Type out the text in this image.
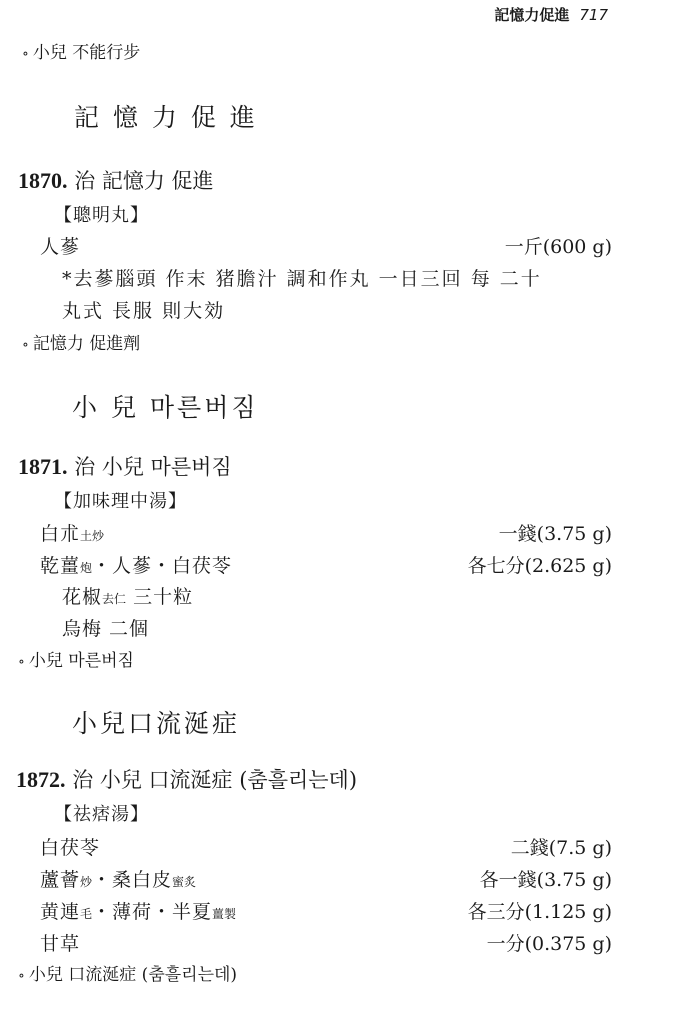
記憶力促進 717
∘ 小兒 不能行步
記 憶 力 促 進
1870. 治 記憶力 促進
【聰明丸】
人蔘	一斤(600 g)
*去蔘腦頭 作末 猪膽汁 調和作丸 一日三回 每 二十
丸式 長服 則大効
∘ 記憶力 促進劑
小 兒 마른버짐
1871. 治 小兒 마른버짐
【加味理中湯】
白朮土炒	一錢(3.75 g)
乾薑炮・人蔘・白茯苓	各七分(2.625 g)
花椒去仁 三十粒
烏梅 二個
∘ 小兒 마른버짐
小兒口流涎症
1872. 治 小兒 口流涎症 (춤흘리는데)
【祛痞湯】
白茯苓	二錢(7.5 g)
蘆薈炒・桑白皮蜜炙	各一錢(3.75 g)
黄連毛・薄荷・半夏薑製	各三分(1.125 g)
甘草	一分(0.375 g)
∘ 小兒 口流涎症 (춤흘리는데)
